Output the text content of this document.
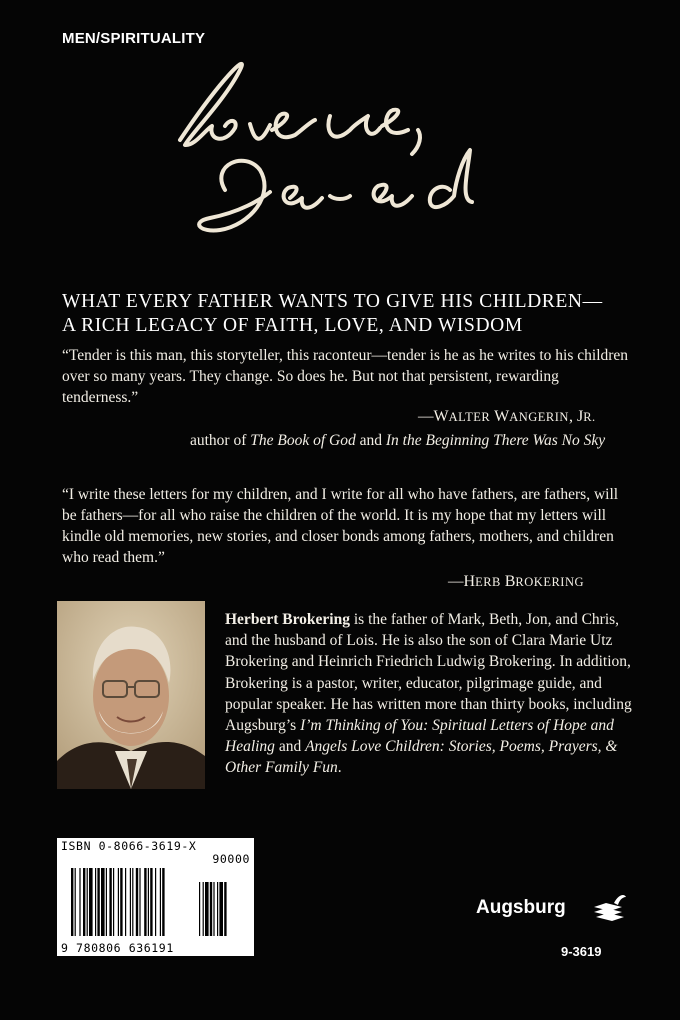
MEN/SPIRITUALITY
WHAT EVERY FATHER WANTS TO GIVE HIS CHILDREN—
A RICH LEGACY OF FAITH, LOVE, AND WISDOM
“Tender is this man, this storyteller, this raconteur—tender is he as he writes to his children over so many years. They change. So does he. But not that persistent, rewarding tenderness.”
—WALTER WANGERIN, JR.
author of The Book of God and In the Beginning There Was No Sky
“I write these letters for my children, and I write for all who have fathers, are fathers, will be fathers—for all who raise the children of the world. It is my hope that my letters will kindle old memories, new stories, and closer bonds among fathers, mothers, and children who read them.”
—HERB BROKERING
Herbert Brokering is the father of Mark, Beth, Jon, and Chris, and the husband of Lois. He is also the son of Clara Marie Utz Brokering and Heinrich Friedrich Ludwig Brokering. In addition, Brokering is a pastor, writer, educator, pilgrimage guide, and popular speaker. He has written more than thirty books, including Augsburg’s I’m Thinking of You: Spiritual Letters of Hope and Healing and Angels Love Children: Stories, Poems, Prayers, & Other Family Fun.
ISBN 0-8066-3619-X
90000
9 780806 636191
Augsburg
9-3619
